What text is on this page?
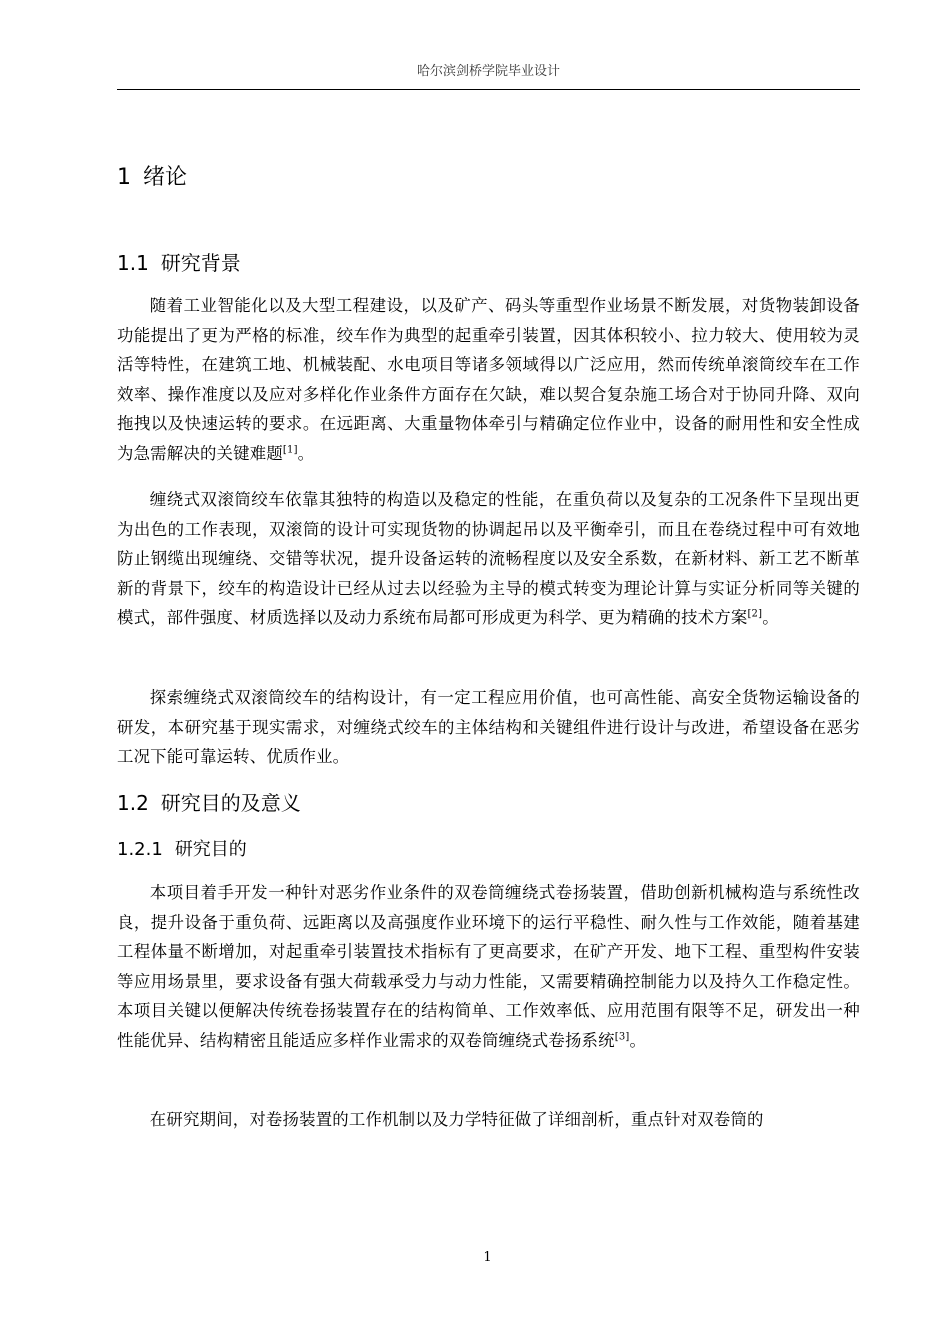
哈尔滨剑桥学院毕业设计
1 绪论
1.1 研究背景

随着工业智能化以及大型工程建设，以及矿产、码头等重型作业场景不断发展，对货物装卸设备功能提出了更为严格的标准，绞车作为典型的起重牵引装置，因其体积较小、拉力较大、使用较为灵活等特性，在建筑工地、机械装配、水电项目等诸多领域得以广泛应用，然而传统单滚筒绞车在工作效率、操作准度以及应对多样化作业条件方面存在欠缺，难以契合复杂施工场合对于协同升降、双向拖拽以及快速运转的要求。在远距离、大重量物体牵引与精确定位作业中，设备的耐用性和安全性成为急需解决的关键难题[1]。

缠绕式双滚筒绞车依靠其独特的构造以及稳定的性能，在重负荷以及复杂的工况条件下呈现出更为出色的工作表现，双滚筒的设计可实现货物的协调起吊以及平衡牵引，而且在卷绕过程中可有效地防止钢缆出现缠绕、交错等状况，提升设备运转的流畅程度以及安全系数，在新材料、新工艺不断革新的背景下，绞车的构造设计已经从过去以经验为主导的模式转变为理论计算与实证分析同等关键的模式，部件强度、材质选择以及动力系统布局都可形成更为科学、更为精确的技术方案[2]。

探索缠绕式双滚筒绞车的结构设计，有一定工程应用价值，也可高性能、高安全货物运输设备的研发，本研究基于现实需求，对缠绕式绞车的主体结构和关键组件进行设计与改进，希望设备在恶劣工况下能可靠运转、优质作业。

1.2 研究目的及意义
1.2.1 研究目的

本项目着手开发一种针对恶劣作业条件的双卷筒缠绕式卷扬装置，借助创新机械构造与系统性改良，提升设备于重负荷、远距离以及高强度作业环境下的运行平稳性、耐久性与工作效能，随着基建工程体量不断增加，对起重牵引装置技术指标有了更高要求，在矿产开发、地下工程、重型构件安装等应用场景里，要求设备有强大荷载承受力与动力性能，又需要精确控制能力以及持久工作稳定性。本项目关键以便解决传统卷扬装置存在的结构简单、工作效率低、应用范围有限等不足，研发出一种性能优异、结构精密且能适应多样作业需求的双卷筒缠绕式卷扬系统[3]。

在研究期间，对卷扬装置的工作机制以及力学特征做了详细剖析，重点针对双卷筒的

1
